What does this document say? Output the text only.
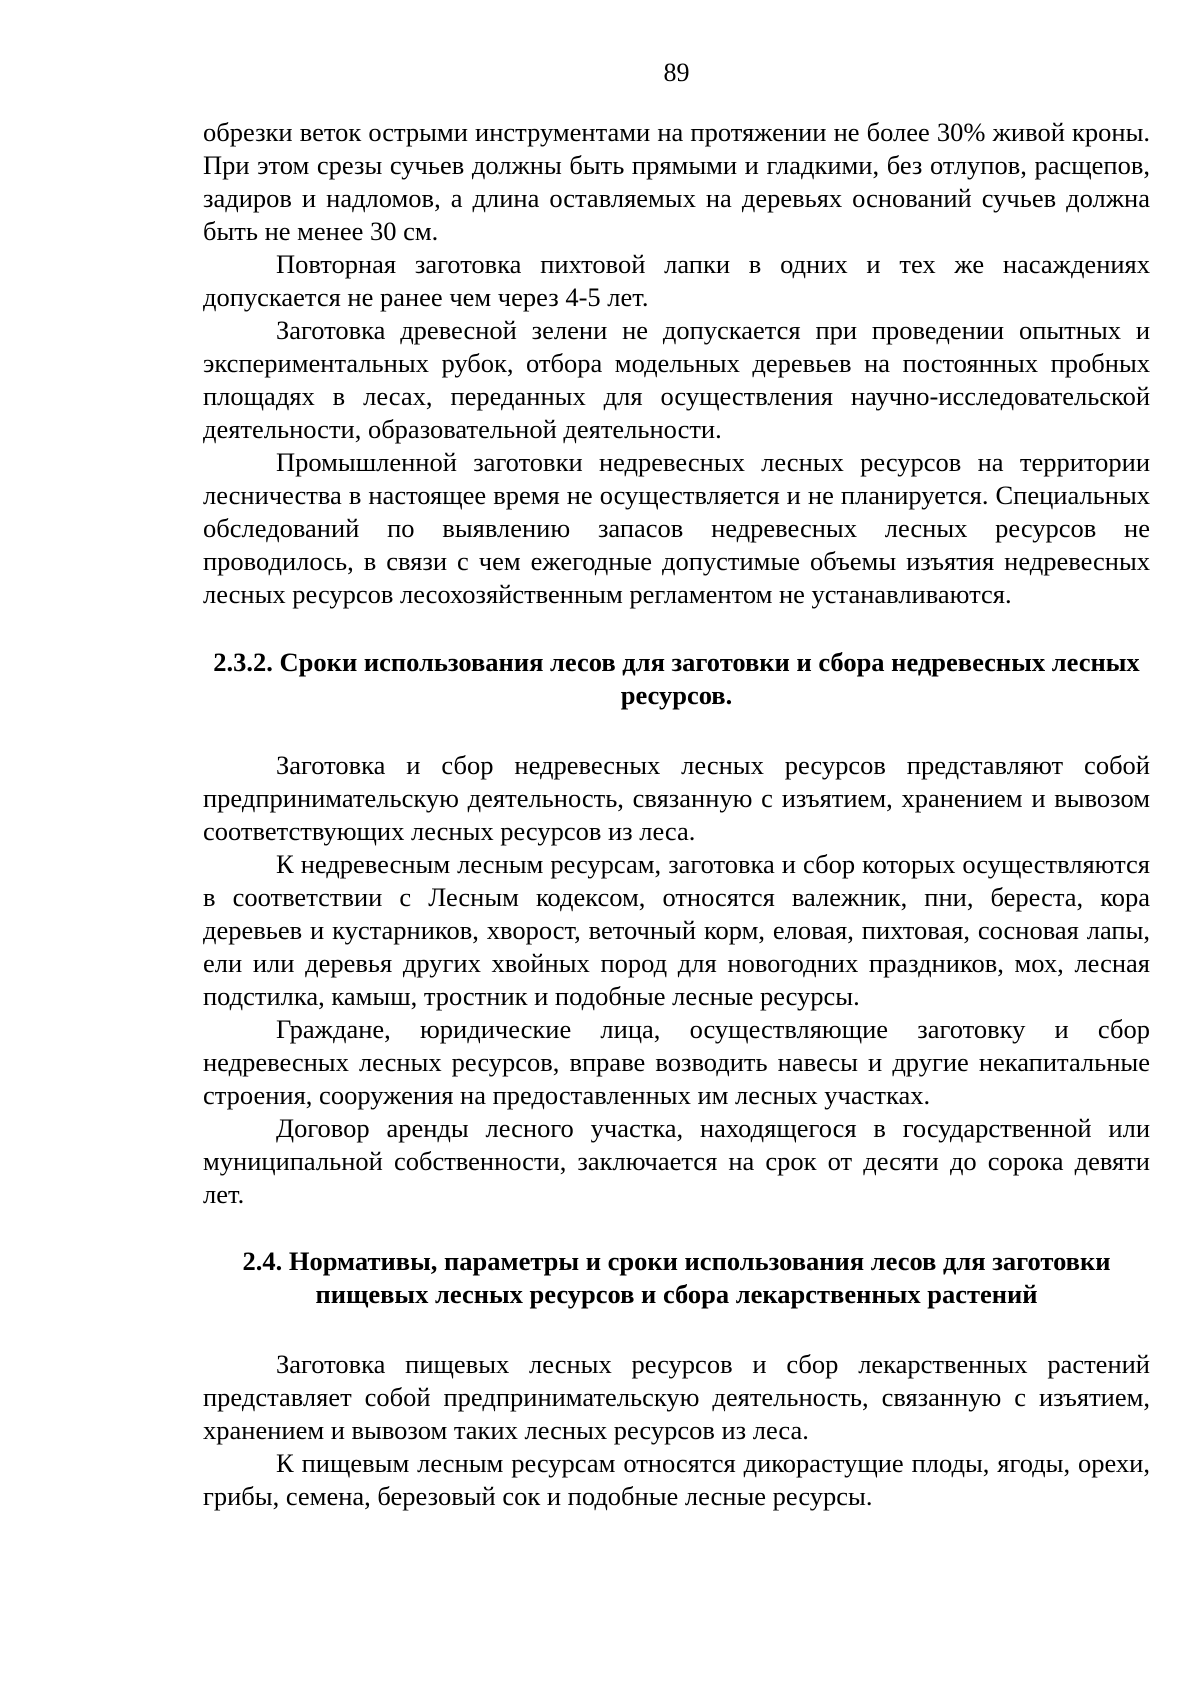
89

обрезки веток острыми инструментами на протяжении не более 30% живой кроны. При этом срезы сучьев должны быть прямыми и гладкими, без отлупов, расщепов, задиров и надломов, а длина оставляемых на деревьях оснований сучьев должна быть не менее 30 см.

Повторная заготовка пихтовой лапки в одних и тех же насаждениях допускается не ранее чем через 4-5 лет.

Заготовка древесной зелени не допускается при проведении опытных и экспериментальных рубок, отбора модельных деревьев на постоянных пробных площадях в лесах, переданных для осуществления научно-исследовательской деятельности, образовательной деятельности.

Промышленной заготовки недревесных лесных ресурсов на территории лесничества в настоящее время не осуществляется и не планируется. Специальных обследований по выявлению запасов недревесных лесных ресурсов не проводилось, в связи с чем ежегодные допустимые объемы изъятия недревесных лесных ресурсов лесохозяйственным регламентом не устанавливаются.

2.3.2. Сроки использования лесов для заготовки и сбора недревесных лесных ресурсов.

Заготовка и сбор недревесных лесных ресурсов представляют собой предпринимательскую деятельность, связанную с изъятием, хранением и вывозом соответствующих лесных ресурсов из леса.

К недревесным лесным ресурсам, заготовка и сбор которых осуществляются в соответствии с Лесным кодексом, относятся валежник, пни, береста, кора деревьев и кустарников, хворост, веточный корм, еловая, пихтовая, сосновая лапы, ели или деревья других хвойных пород для новогодних праздников, мох, лесная подстилка, камыш, тростник и подобные лесные ресурсы.

Граждане, юридические лица, осуществляющие заготовку и сбор недревесных лесных ресурсов, вправе возводить навесы и другие некапитальные строения, сооружения на предоставленных им лесных участках.

Договор аренды лесного участка, находящегося в государственной или муниципальной собственности, заключается на срок от десяти до сорока девяти лет.

2.4. Нормативы, параметры и сроки использования лесов для заготовки пищевых лесных ресурсов и сбора лекарственных растений

Заготовка пищевых лесных ресурсов и сбор лекарственных растений представляет собой предпринимательскую деятельность, связанную с изъятием, хранением и вывозом таких лесных ресурсов из леса.

К пищевым лесным ресурсам относятся дикорастущие плоды, ягоды, орехи, грибы, семена, березовый сок и подобные лесные ресурсы.
